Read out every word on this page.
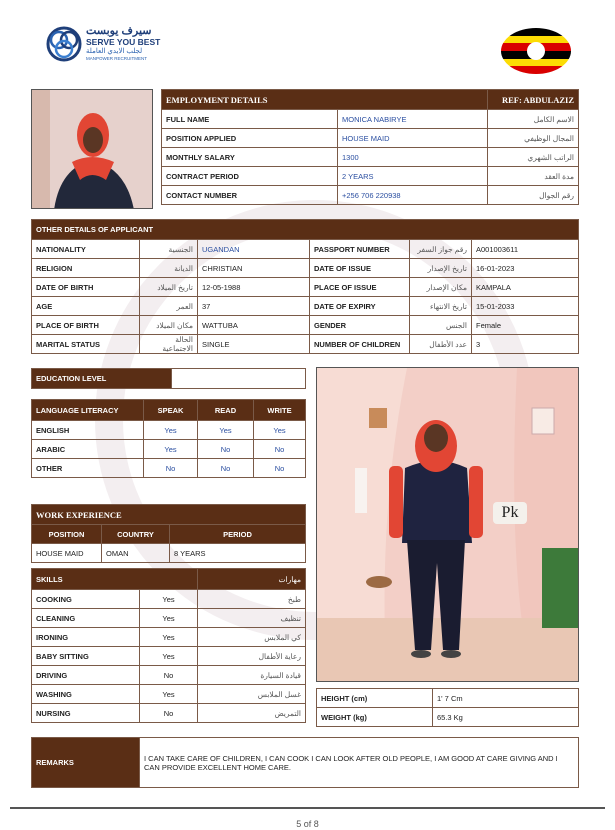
سيرف يوبست
SERVE YOU BEST
لجلب الايدي العاملة
MANPOWER RECRUITMENT
EMPLOYMENT DETAILS		REF: ABDULAZIZ
FULL NAME	MONICA NABIRYE	الاسم الكامل
POSITION APPLIED	HOUSE MAID	المجال الوظيفي
MONTHLY SALARY	1300	الراتب الشهري
CONTRACT PERIOD	2 YEARS	مدة العقد
CONTACT NUMBER	+256 706 220938	رقم الجوال
OTHER DETAILS OF APPLICANT					
NATIONALITY	الجنسية	UGANDAN	PASSPORT NUMBER	رقم جواز السفر	A001003611
RELIGION	الديانة	CHRISTIAN	DATE OF ISSUE	تاريخ الإصدار	16-01-2023
DATE OF BIRTH	تاريخ الميلاد	12-05-1988	PLACE OF ISSUE	مكان الإصدار	KAMPALA
AGE	العمر	37	DATE OF EXPIRY	تاريخ الانتهاء	15-01-2033
PLACE OF BIRTH	مكان الميلاد	WATTUBA	GENDER	الجنس	Female
MARITAL STATUS	الحالة الاجتماعية	SINGLE	NUMBER OF CHILDREN	عدد الأطفال	3
EDUCATION LEVEL	
LANGUAGE LITERACY	SPEAK	READ	WRITE
ENGLISH	Yes	Yes	Yes
ARABIC	Yes	No	No
OTHER	No	No	No
WORK EXPERIENCE		
POSITION	COUNTRY	PERIOD
HOUSE MAID	OMAN	8 YEARS
SKILLS		مهارات
COOKING	Yes	طبخ
CLEANING	Yes	تنظيف
IRONING	Yes	كي الملابس
BABY SITTING	Yes	رعاية الأطفال
DRIVING	No	قيادة السيارة
WASHING	Yes	غسل الملابس
NURSING	No	التمريض
Pk
HEIGHT (cm)	1' 7 Cm
WEIGHT (kg)	65.3 Kg
REMARKS	I CAN TAKE CARE OF CHILDREN, I CAN COOK I CAN LOOK AFTER OLD PEOPLE, I AM GOOD AT CARE GIVING AND I CAN PROVIDE EXCELLENT HOME CARE.
5 of 8
